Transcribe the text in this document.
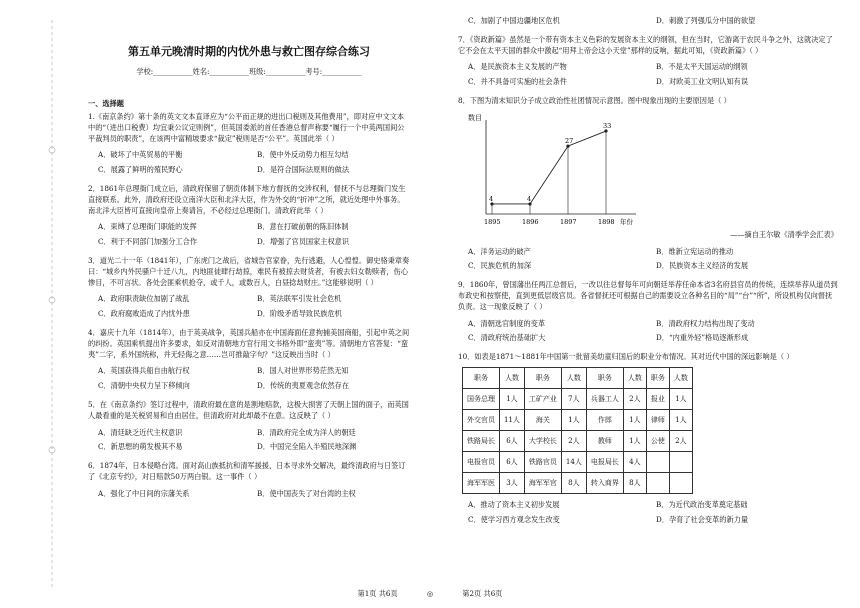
第五单元晚清时期的内忧外患与救亡图存综合练习
学校:___________姓名:___________班级:___________考号:___________
一、选择题
1.《南京条约》第十条的英文文本直译应为“公平而正规的进出口税则及其他费用”，即对应中文文本中的“（进出口税费）均宜秉公议定则例”，但英国委派的首任香港总督声称要“履行一个中英两国间公平裁判员的职责”，在该两中富精坡要求“裁定”税则是否“公平”。英国此举（ ）
A．破坏了中英贸易的平衡	B．使中外反动势力相互勾结
C．展露了鲜明的殖民野心	D．是符合国际法原则的做法
2．1861年总理衙门成立后，清政府保留了朝贡体制下地方督抚的交涉权利，督抚不与总理衙门发生直接联系。此外，清政府还设立南洋大臣和北洋大臣，作为外交的“折冲”之所，就近处理中外事务。南北洋大臣皆可直接向皇帝上奏请旨，不必经过总理衙门。清政府此举（ ）
A．束缚了总理衙门职能的发挥	B．意在打破前朝的陈旧体制
C．利于不同部门加强分工合作	D．增强了官员国家主权意识
3．道光二十一年（1841年），广东虎门之战后，省城告官家眷，先行逃避，人心惶惶。御史骆秉章奏曰：“城乡内外民骚户十迁八九，内地匪徒肆行劫掠，难民有被掠去财货者，有被去妇女勒赎者，伤心惨目，不可言状。各处会匪乘机抢夺，或千人，或数百人，白昼捻劫财庄。”这能够说明（ ）
A．政府职责缺位加剧了战乱	B．英法联军引发社会危机
C．政府腐败造成了内忧外患	D．阶级矛盾导致民族危机
4．嘉庆十九年（1814年），由于英美战争，英国兵船亦在中国海面任意拘捕美国商船，引起中英之间的纠纷。英国乘机提出许多要求，如反对清朝地方官行用文书格外即“蛮夷”等。清朝地方官答复：“蛮夷”二字，系外国统称，并无轻侮之意……岂可推敲字句？”这反映出当时（ ）
A．英国获得兵船自由航行权	B．国人对世界形势茫然无知
C．清朝中央权力呈下移倾向	D．传统的夷夏观念依然存在
5．在《南京条约》签订过程中，清政府最在意的是割地赔款，这极大损害了天朝上国的面子，而英国人最看重的是关税贸易和自由居住，但清政府对此却最不在意。这反映了（ ）
A．清廷缺乏近代主权意识	B．清政府完全成为洋人的朝廷
C．新思想的萌发极其不易	D．中国完全陷入半殖民地深渊
6．1874年，日本侵略台湾。面对高山族抵抗和清军援援，日本寻求外交解决，最终清政府与日签订了《北京专约》，对日赔款50万两白银。这一事件（ ）
A．强化了中日间的宗藩关系	B．使中国丧失了对台湾的主权
C．加剧了中国边疆地区危机	D．刺激了列强瓜分中国的欲望
7．《资政新篇》虽然是一个带有资本主义色彩的发展资本主义的纲领，但在当时，它游离于农民斗争之外，这就决定了它不会在太平天国的群众中激起“用拜上帝会这小天堂”那样的反响，据此可知，《资政新篇》（ ）
A．是民族资本主义发展的产物	B．不是太平天国运动的纲领
C．并不具备可实施的社会条件	D．对欧美工业文明认知有误
8．下图为清末知识分子成立政治性社团情况示意图。图中现象出现的主要原因是（ ）
数目
年份
4
1895
4
1896
27
1897
33
1898
——摘自王尔敏《清季学会汇表》
A．洋务运动的破产	B．维新立宪运动的推动
C．民族危机的加深	D．民族资本主义经济的发展
9．1860年，曾国藩出任两江总督后，一改以往总督每年可向朝廷举荐任命本省3名府县官员的传统，连续举荐从道员到布政史和按察使，直到更低层级官员。各省督抚还可根据自己的需要设立各种名目的“局”“台”“所”，所设机构仅向督抚负责。这一现象反映了（ ）
A．清朝选官制度的变革	B．清政府权力结构出现了变动
C．清政府统治基础扩大	D．“内重外轻”格局逐渐形成
10．如表是1871～1881年中国第一批留美幼童归国后的职业分布情况。其对近代中国的深远影响是（ ）
职务	人数	职务	人数	职务	人数	职务	人数
国务总理	1人	工矿产业	7人	兵器工人	2人	报业	1人
外交官员	11人	海关	1人	作郎	1人	律师	1人
铁路局长	6人	大学校长	2人	教师	1人	公使	2人
电报官员	6人	铁路官员	14人	电报局长	4人		
海军军医	3人	海军军官	8人	转入商界	8人		
A．推动了资本主义初步发展	B．为近代政治变革奠定基础
C．使学习西方观念发生改变	D．孕育了社会变革的新力量
第1页 共6页	◎	第2页 共6页
